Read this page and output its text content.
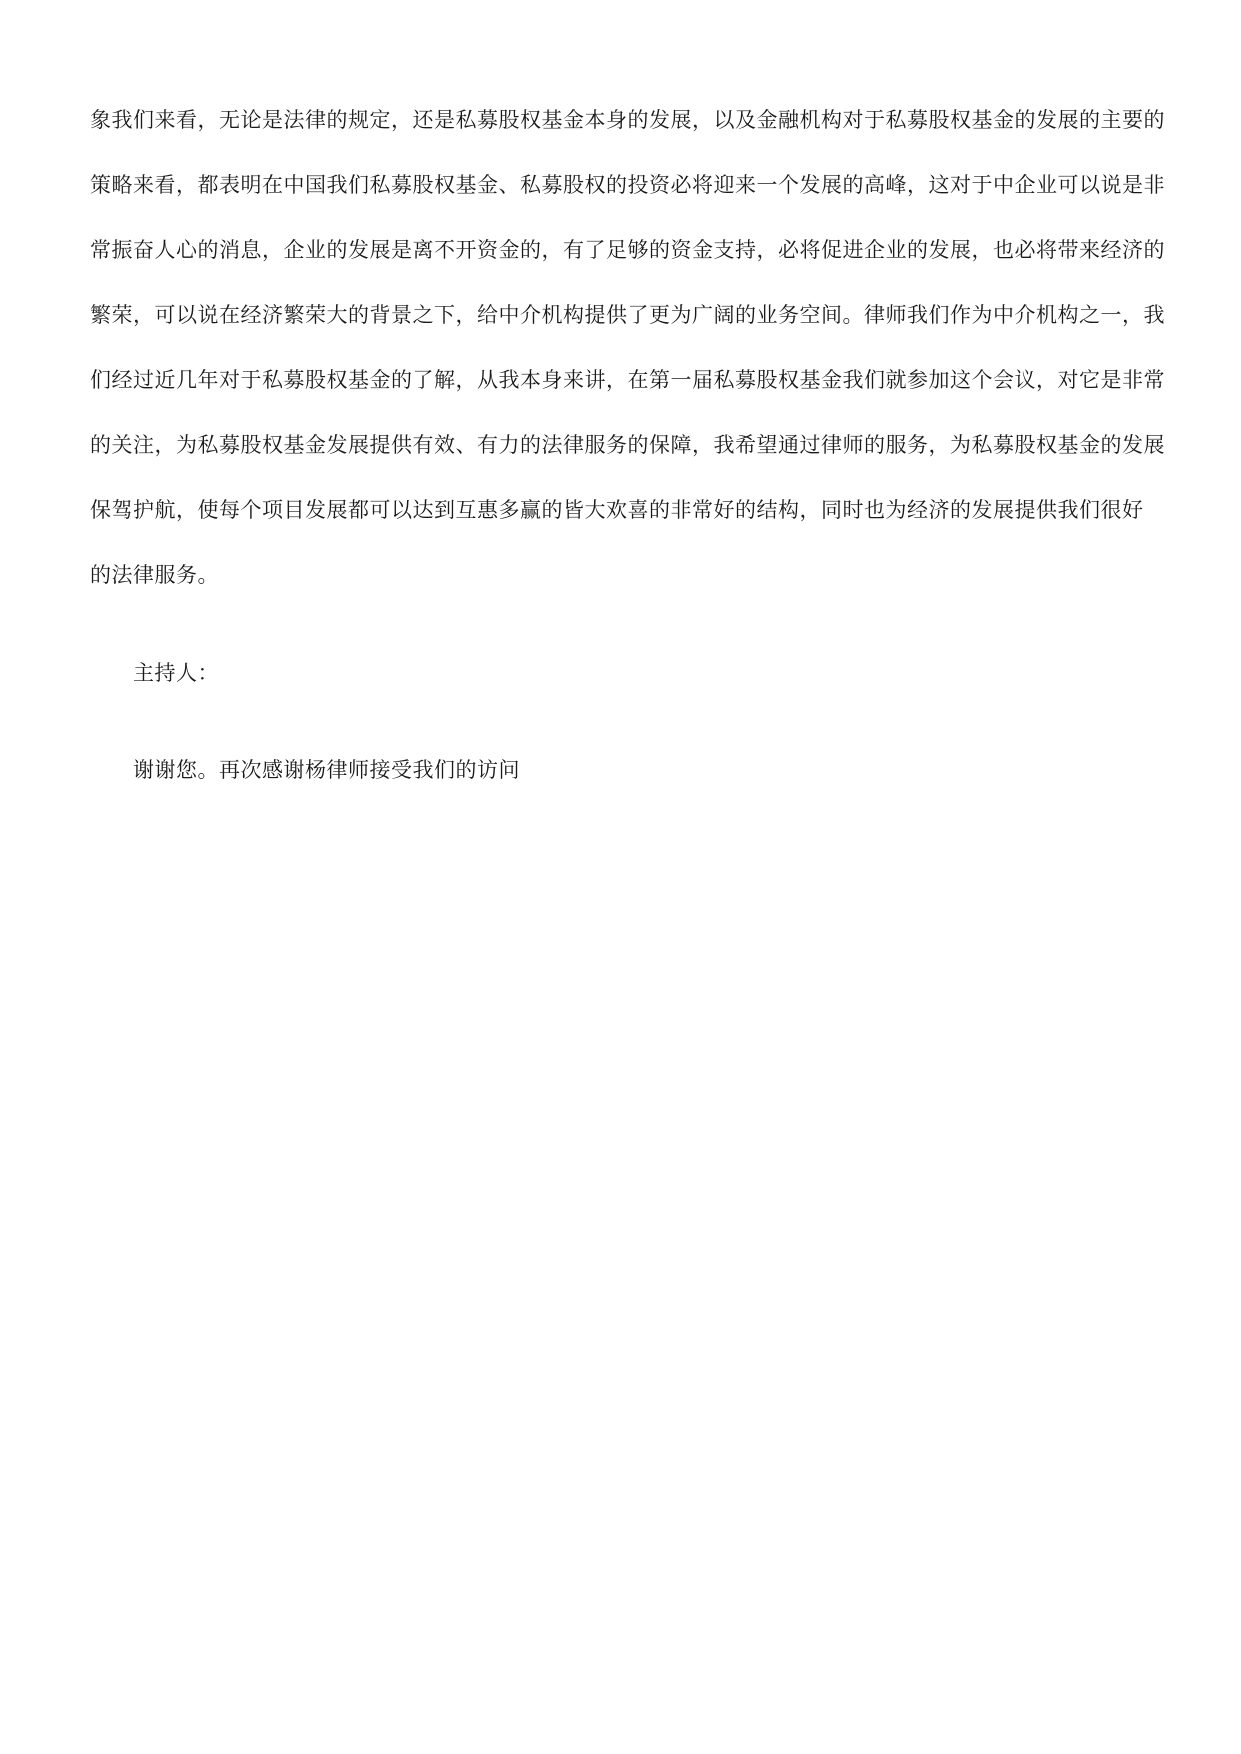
象我们来看，无论是法律的规定，还是私募股权基金本身的发展，以及金融机构对于私募股权基金的发展的主要的
策略来看，都表明在中国我们私募股权基金、私募股权的投资必将迎来一个发展的高峰，这对于中企业可以说是非
常振奋人心的消息，企业的发展是离不开资金的，有了足够的资金支持，必将促进企业的发展，也必将带来经济的
繁荣，可以说在经济繁荣大的背景之下，给中介机构提供了更为广阔的业务空间。律师我们作为中介机构之一，我
们经过近几年对于私募股权基金的了解，从我本身来讲，在第一届私募股权基金我们就参加这个会议，对它是非常
的关注，为私募股权基金发展提供有效、有力的法律服务的保障，我希望通过律师的服务，为私募股权基金的发展
保驾护航，使每个项目发展都可以达到互惠多赢的皆大欢喜的非常好的结构，同时也为经济的发展提供我们很好
的法律服务。
主持人：
谢谢您。再次感谢杨律师接受我们的访问
